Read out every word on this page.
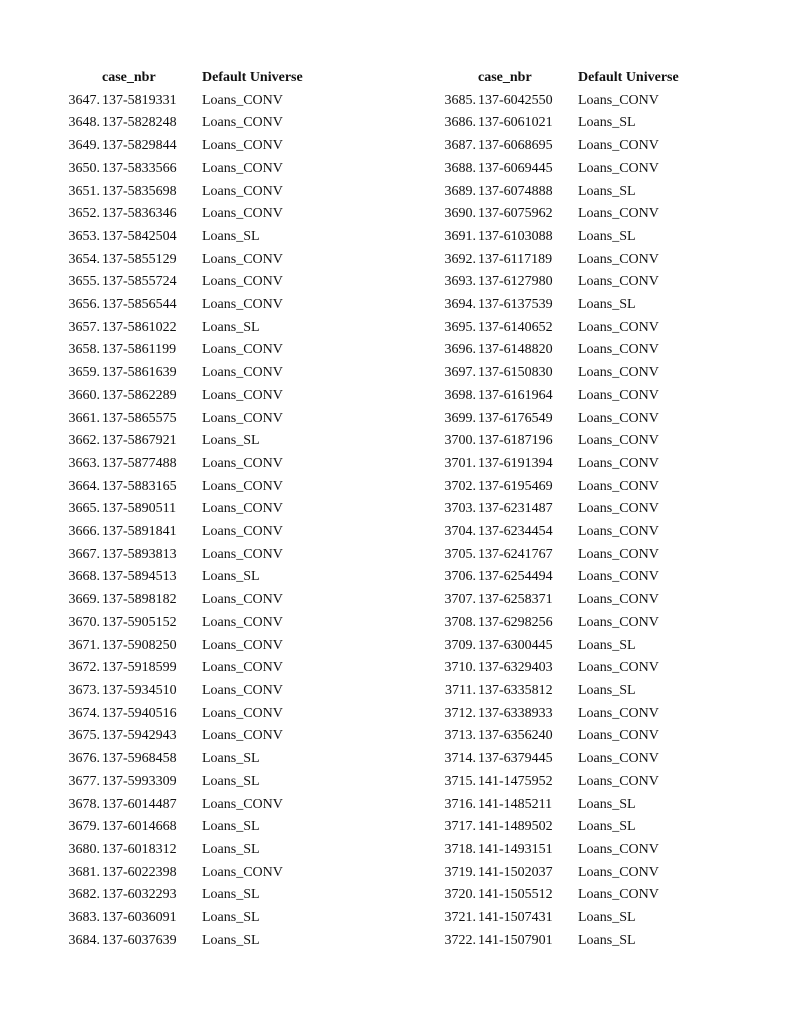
	case_nbr	Default Universe
3647.	137-5819331	Loans_CONV
3648.	137-5828248	Loans_CONV
3649.	137-5829844	Loans_CONV
3650.	137-5833566	Loans_CONV
3651.	137-5835698	Loans_CONV
3652.	137-5836346	Loans_CONV
3653.	137-5842504	Loans_SL
3654.	137-5855129	Loans_CONV
3655.	137-5855724	Loans_CONV
3656.	137-5856544	Loans_CONV
3657.	137-5861022	Loans_SL
3658.	137-5861199	Loans_CONV
3659.	137-5861639	Loans_CONV
3660.	137-5862289	Loans_CONV
3661.	137-5865575	Loans_CONV
3662.	137-5867921	Loans_SL
3663.	137-5877488	Loans_CONV
3664.	137-5883165	Loans_CONV
3665.	137-5890511	Loans_CONV
3666.	137-5891841	Loans_CONV
3667.	137-5893813	Loans_CONV
3668.	137-5894513	Loans_SL
3669.	137-5898182	Loans_CONV
3670.	137-5905152	Loans_CONV
3671.	137-5908250	Loans_CONV
3672.	137-5918599	Loans_CONV
3673.	137-5934510	Loans_CONV
3674.	137-5940516	Loans_CONV
3675.	137-5942943	Loans_CONV
3676.	137-5968458	Loans_SL
3677.	137-5993309	Loans_SL
3678.	137-6014487	Loans_CONV
3679.	137-6014668	Loans_SL
3680.	137-6018312	Loans_SL
3681.	137-6022398	Loans_CONV
3682.	137-6032293	Loans_SL
3683.	137-6036091	Loans_SL
3684.	137-6037639	Loans_SL
	case_nbr	Default Universe
3685.	137-6042550	Loans_CONV
3686.	137-6061021	Loans_SL
3687.	137-6068695	Loans_CONV
3688.	137-6069445	Loans_CONV
3689.	137-6074888	Loans_SL
3690.	137-6075962	Loans_CONV
3691.	137-6103088	Loans_SL
3692.	137-6117189	Loans_CONV
3693.	137-6127980	Loans_CONV
3694.	137-6137539	Loans_SL
3695.	137-6140652	Loans_CONV
3696.	137-6148820	Loans_CONV
3697.	137-6150830	Loans_CONV
3698.	137-6161964	Loans_CONV
3699.	137-6176549	Loans_CONV
3700.	137-6187196	Loans_CONV
3701.	137-6191394	Loans_CONV
3702.	137-6195469	Loans_CONV
3703.	137-6231487	Loans_CONV
3704.	137-6234454	Loans_CONV
3705.	137-6241767	Loans_CONV
3706.	137-6254494	Loans_CONV
3707.	137-6258371	Loans_CONV
3708.	137-6298256	Loans_CONV
3709.	137-6300445	Loans_SL
3710.	137-6329403	Loans_CONV
3711.	137-6335812	Loans_SL
3712.	137-6338933	Loans_CONV
3713.	137-6356240	Loans_CONV
3714.	137-6379445	Loans_CONV
3715.	141-1475952	Loans_CONV
3716.	141-1485211	Loans_SL
3717.	141-1489502	Loans_SL
3718.	141-1493151	Loans_CONV
3719.	141-1502037	Loans_CONV
3720.	141-1505512	Loans_CONV
3721.	141-1507431	Loans_SL
3722.	141-1507901	Loans_SL
